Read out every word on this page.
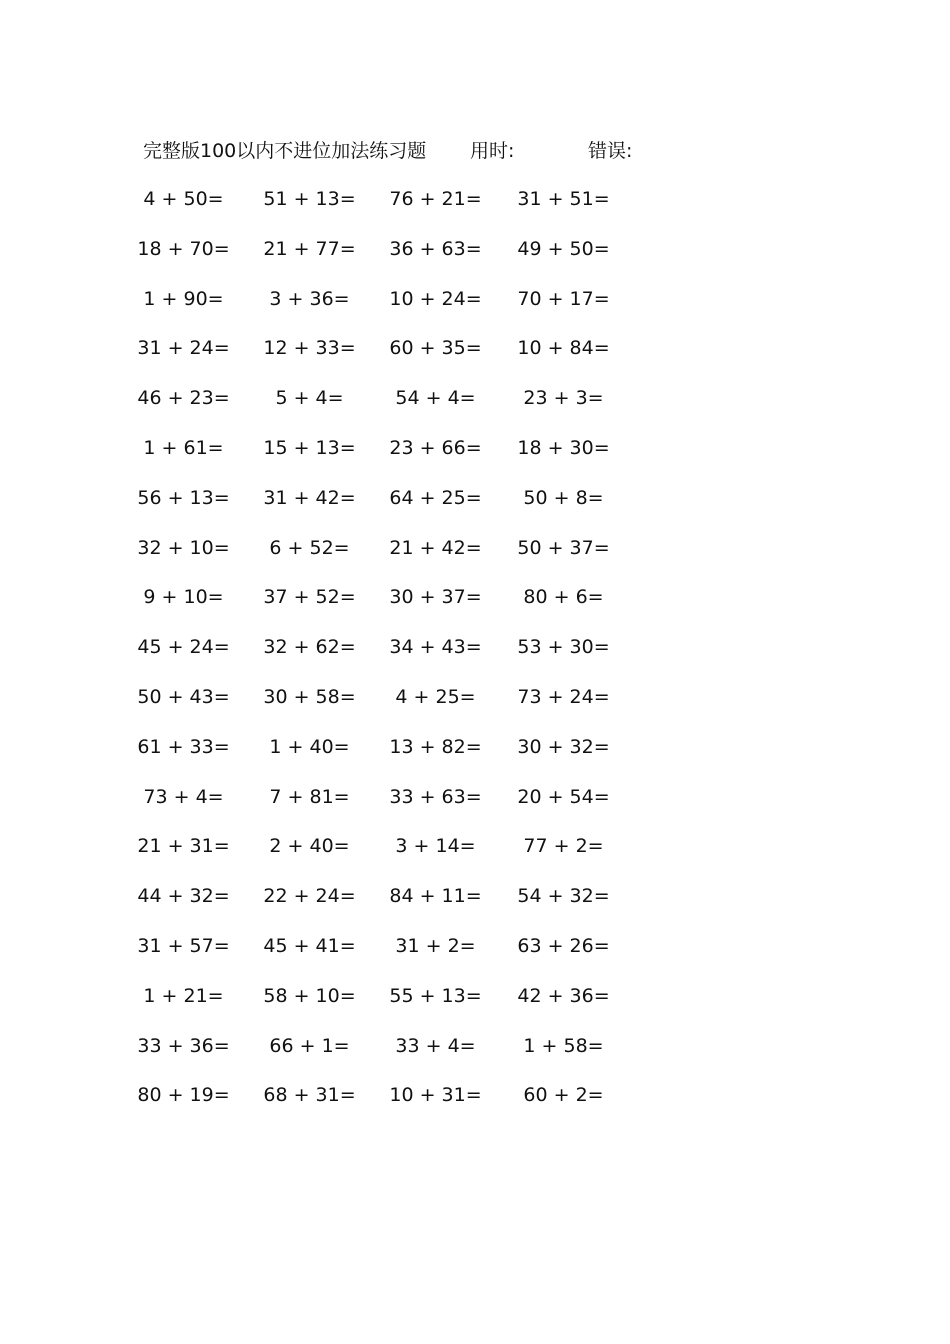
完整版100以内不进位加法练习题 用时:	错误:
4 + 50=	51 + 13= 76 + 21= 31 + 51=
18 + 70= 21 + 77= 36 + 63= 49 + 50=
1 + 90=	3 + 36=	10 + 24= 70 + 17=
31 + 24= 12 + 33= 60 + 35= 10 + 84=
46 + 23=	5 + 4=	54 + 4=	23 + 3=
1 + 61=	15 + 13= 23 + 66= 18 + 30=
56 + 13= 31 + 42= 64 + 25=	50 + 8=
32 + 10=	6 + 52=	21 + 42= 50 + 37=
9 + 10=	37 + 52= 30 + 37=	80 + 6=
45 + 24= 32 + 62= 34 + 43= 53 + 30=
50 + 43= 30 + 58=	4 + 25=	73 + 24=
61 + 33=	1 + 40=	13 + 82= 30 + 32=
73 + 4=	7 + 81=	33 + 63= 20 + 54=
21 + 31=	2 + 40=	3 + 14=	77 + 2=
44 + 32= 22 + 24= 84 + 11= 54 + 32=
31 + 57= 45 + 41=	31 + 2=	63 + 26=
1 + 21=	58 + 10= 55 + 13= 42 + 36=
33 + 36=	66 + 1=	33 + 4=	1 + 58=
80 + 19= 68 + 31= 10 + 31=	60 + 2=
